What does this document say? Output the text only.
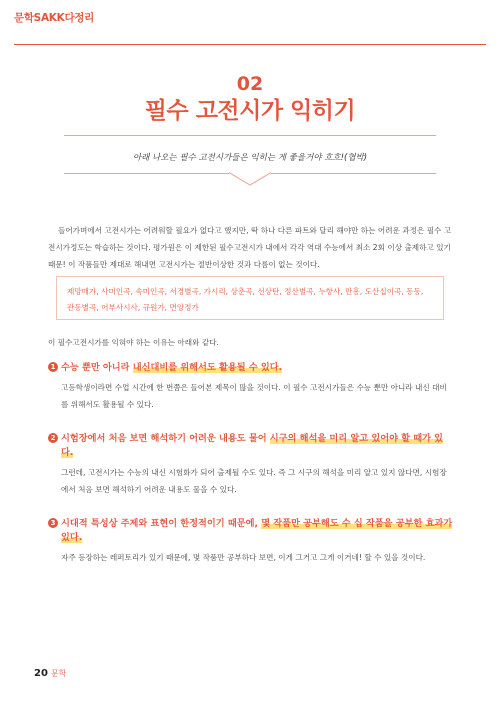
문학SAKK다정리
02
필수 고전시가 익히기
아래 나오는 필수 고전시가들은 익히는 게 좋을거야 흐흐!(협박)

들어가며에서 고전시가는 어려워할 필요가 없다고 했지만, 딱 하나 다른 파트와 달리 해야만 하는 어려운 과정은 필수 고전시가정도는 학습하는 것이다. 평가원은 이 제한된 필수고전시가 내에서 각각 역대 수능에서 최소 2회 이상 출제하고 있기 때문! 이 작품들만 제대로 해내면 고전시가는 절반이상한 것과 다름이 없는 것이다.

제망매가, 사미인곡, 속미인곡, 서경별곡, 가시리, 상춘곡, 선상탄, 정산별곡, 누항사, 만흥, 도산십이곡, 동동, 관동별곡, 어부사시사, 규원가, 면앙정가
이 필수고전시가를 익혀야 하는 이유는 아래와 같다.
1 수능 뿐만 아니라 내신대비를 위해서도 활용될 수 있다.
고등학생이라면 수업 시간에 한 번쯤은 들어본 제목이 많을 것이다. 이 필수 고전시가들은 수능 뿐만 아니라 내신 대비를 위해서도 활용될 수 있다.
2 시험장에서 처음 보면 해석하기 어려운 내용도 물어 시구의 해석을 미리 알고 있어야 할 때가 있다.
그런데, 고전시가는 수능의 내신 시험화가 되어 출제될 수도 있다. 즉 그 시구의 해석을 미리 알고 있지 않다면, 시험장에서 처음 보면 해석하기 어려운 내용도 물을 수 있다.
3 시대적 특성상 주제와 표현이 한정적이기 때문에, 몇 작품만 공부해도 수 십 작품을 공부한 효과가 있다.
자주 등장하는 레퍼토리가 있기 때문에, 몇 작품만 공부하다 보면, 이게 그거고 그게 이거네! 할 수 있을 것이다.
20 문학
